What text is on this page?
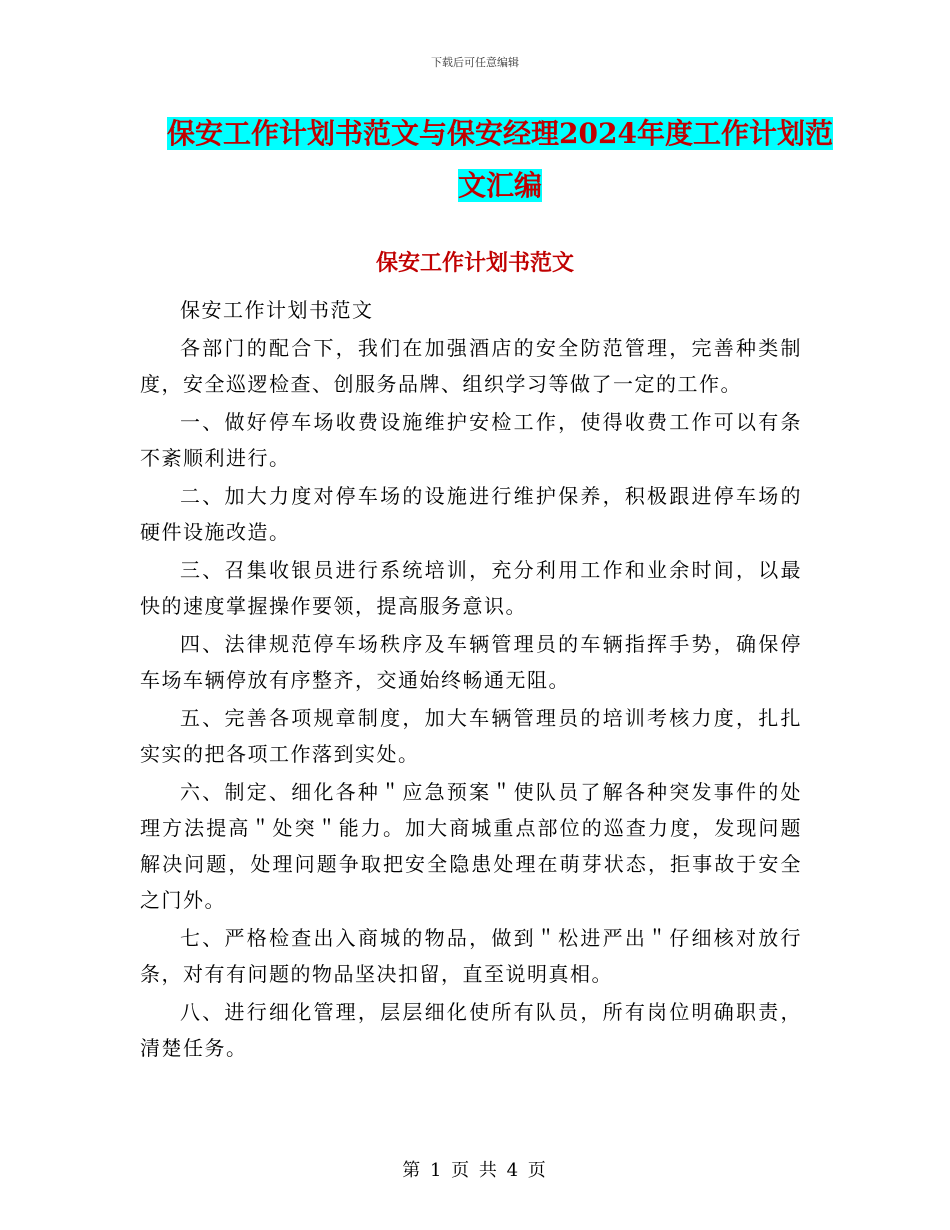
下载后可任意编辑
保安工作计划书范文与保安经理2024年度工作计划范
文汇编
保安工作计划书范文

保安工作计划书范文

各部门的配合下，我们在加强酒店的安全防范管理，完善种类制度，安全巡逻检查、创服务品牌、组织学习等做了一定的工作。

一、做好停车场收费设施维护安检工作，使得收费工作可以有条不紊顺利进行。

二、加大力度对停车场的设施进行维护保养，积极跟进停车场的硬件设施改造。

三、召集收银员进行系统培训，充分利用工作和业余时间，以最快的速度掌握操作要领，提高服务意识。

四、法律规范停车场秩序及车辆管理员的车辆指挥手势，确保停车场车辆停放有序整齐，交通始终畅通无阻。

五、完善各项规章制度，加大车辆管理员的培训考核力度，扎扎实实的把各项工作落到实处。

六、制定、细化各种＂应急预案＂使队员了解各种突发事件的处理方法提高＂处突＂能力。加大商城重点部位的巡查力度，发现问题解决问题，处理问题争取把安全隐患处理在萌芽状态，拒事故于安全之门外。

七、严格检查出入商城的物品，做到＂松进严出＂仔细核对放行条，对有有问题的物品坚决扣留，直至说明真相。

八、进行细化管理，层层细化使所有队员，所有岗位明确职责，清楚任务。

第 1 页 共 4 页
